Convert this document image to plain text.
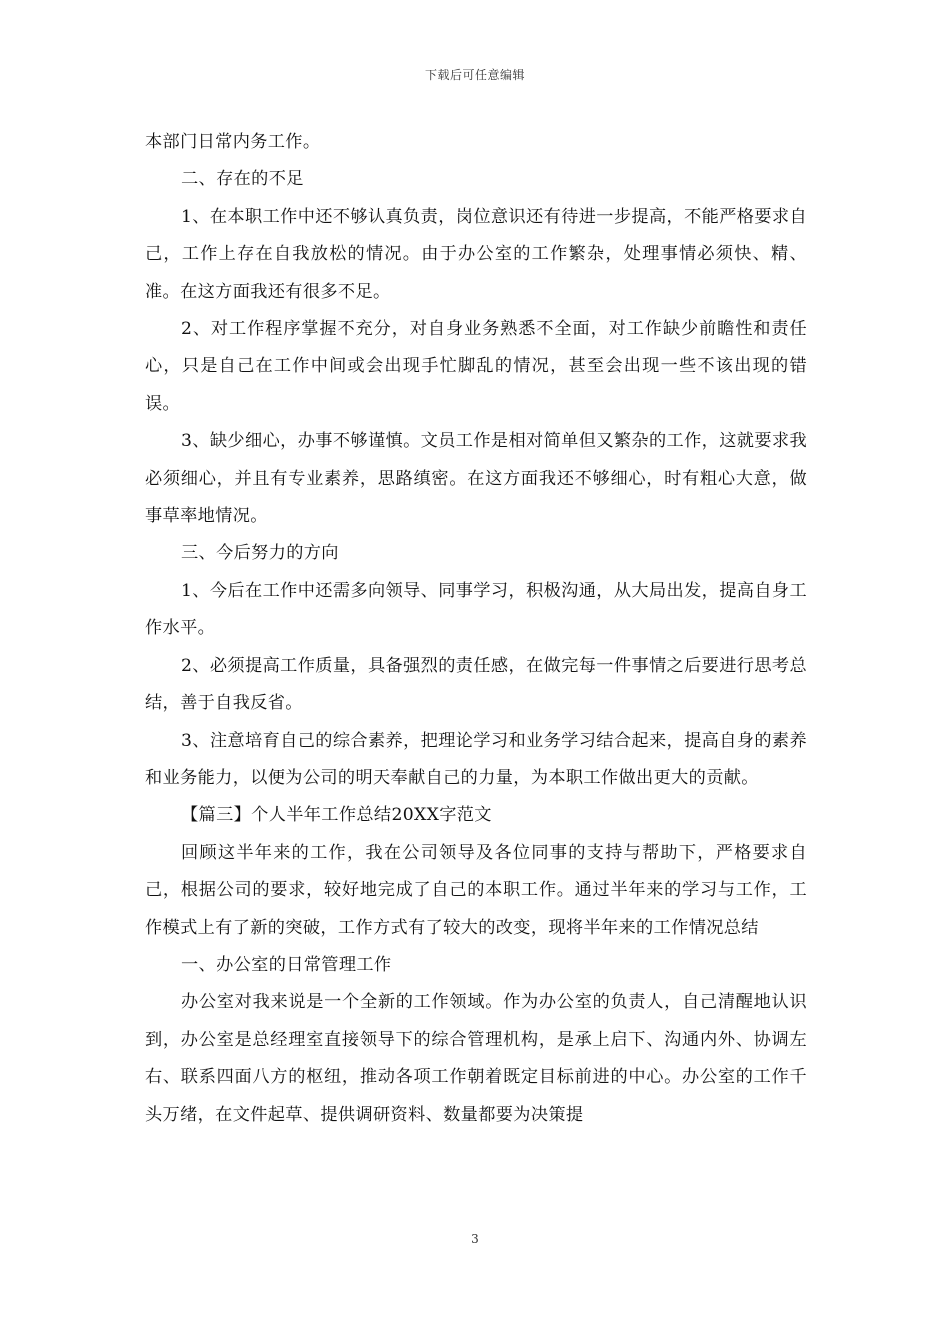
下载后可任意编辑

本部门日常内务工作。

二、存在的不足

1、在本职工作中还不够认真负责，岗位意识还有待进一步提高，不能严格要求自己，工作上存在自我放松的情况。由于办公室的工作繁杂，处理事情必须快、精、准。在这方面我还有很多不足。

2、对工作程序掌握不充分，对自身业务熟悉不全面，对工作缺少前瞻性和责任心，只是自己在工作中间或会出现手忙脚乱的情况，甚至会出现一些不该出现的错误。

3、缺少细心，办事不够谨慎。文员工作是相对简单但又繁杂的工作，这就要求我必须细心，并且有专业素养，思路缜密。在这方面我还不够细心，时有粗心大意，做事草率地情况。

三、今后努力的方向

1、今后在工作中还需多向领导、同事学习，积极沟通，从大局出发，提高自身工作水平。

2、必须提高工作质量，具备强烈的责任感，在做完每一件事情之后要进行思考总结，善于自我反省。

3、注意培育自己的综合素养，把理论学习和业务学习结合起来，提高自身的素养和业务能力，以便为公司的明天奉献自己的力量，为本职工作做出更大的贡献。

【篇三】个人半年工作总结20XX字范文

回顾这半年来的工作，我在公司领导及各位同事的支持与帮助下，严格要求自己，根据公司的要求，较好地完成了自己的本职工作。通过半年来的学习与工作，工作模式上有了新的突破，工作方式有了较大的改变，现将半年来的工作情况总结

一、办公室的日常管理工作

办公室对我来说是一个全新的工作领域。作为办公室的负责人，自己清醒地认识到，办公室是总经理室直接领导下的综合管理机构，是承上启下、沟通内外、协调左右、联系四面八方的枢纽，推动各项工作朝着既定目标前进的中心。办公室的工作千头万绪，在文件起草、提供调研资料、数量都要为决策提

3
